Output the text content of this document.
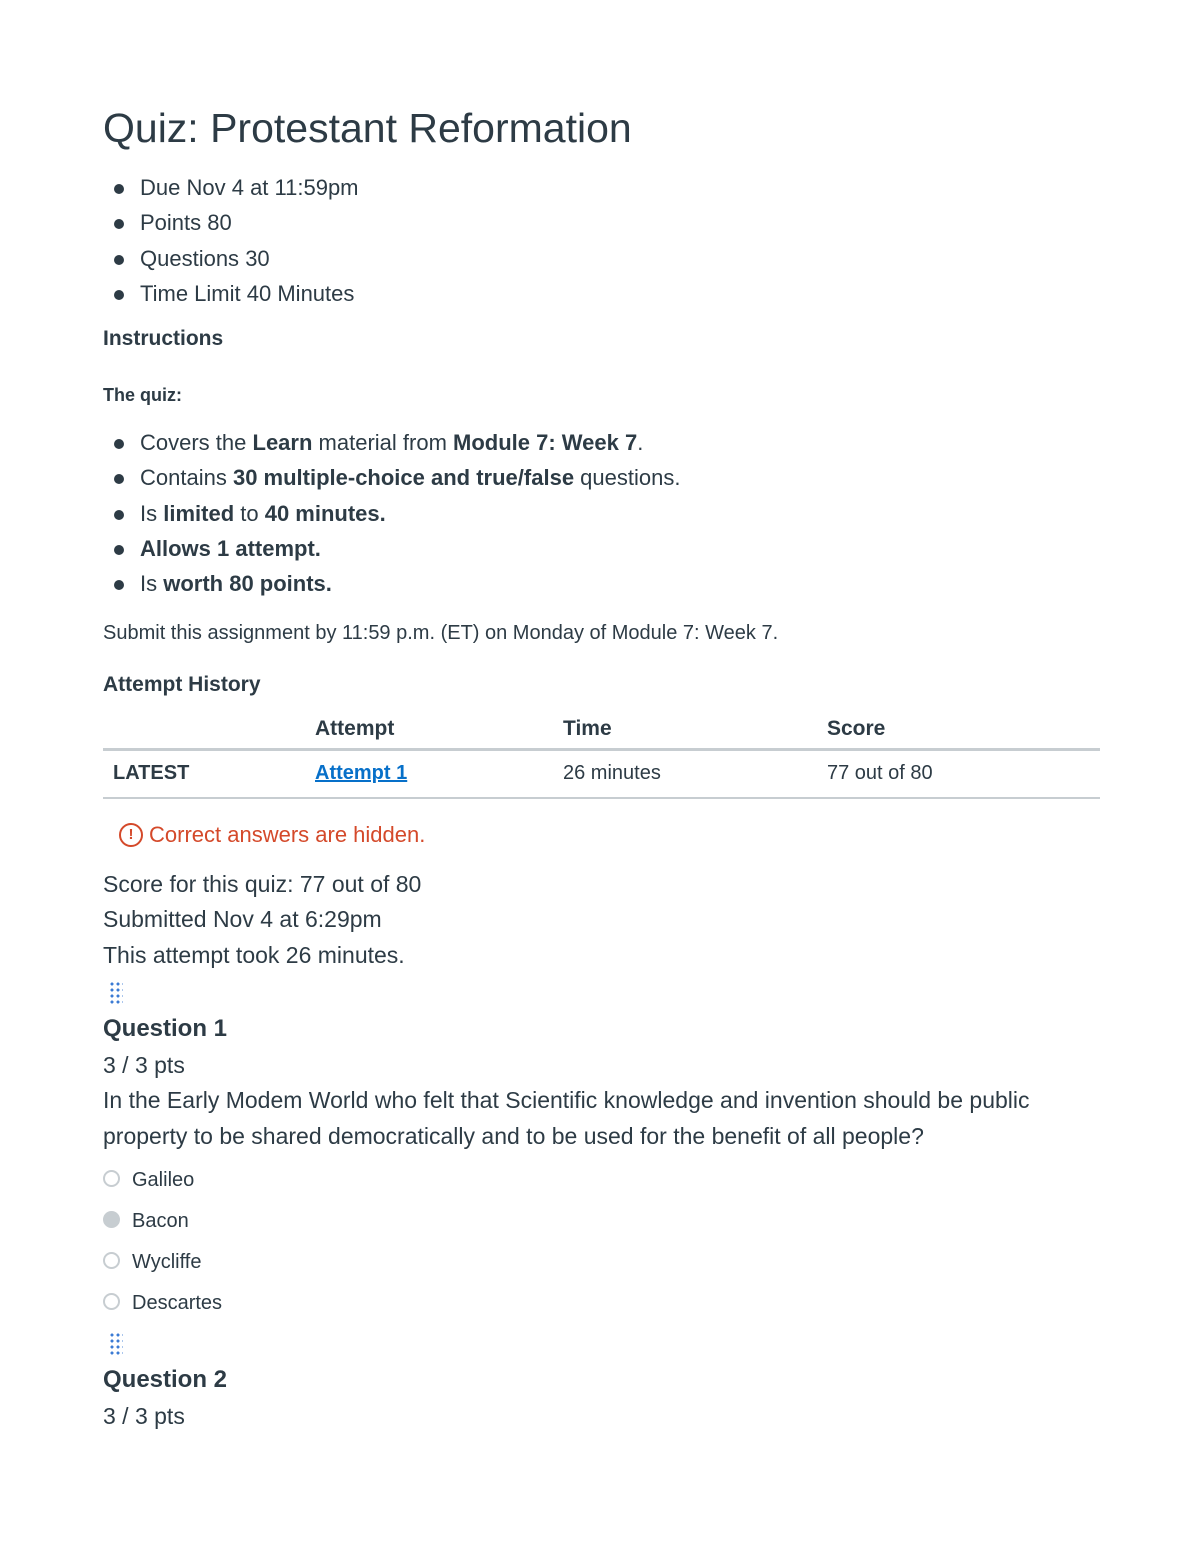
Quiz: Protestant Reformation
Due Nov 4 at 11:59pm
Points 80
Questions 30
Time Limit 40 Minutes
Instructions
The quiz:
Covers the Learn material from Module 7: Week 7.
Contains 30 multiple-choice and true/false questions.
Is limited to 40 minutes.
Allows 1 attempt.
Is worth 80 points.
Submit this assignment by 11:59 p.m. (ET) on Monday of Module 7: Week 7.
Attempt History
	Attempt	Time	Score
LATEST	Attempt 1	26 minutes	77 out of 80
! Correct answers are hidden.
Score for this quiz: 77 out of 80
Submitted Nov 4 at 6:29pm
This attempt took 26 minutes.
Question 1
3 / 3 pts
In the Early Modem World who felt that Scientific knowledge and invention should be public property to be shared democratically and to be used for the benefit of all people?
Galileo
Bacon
Wycliffe
Descartes
Question 2
3 / 3 pts
